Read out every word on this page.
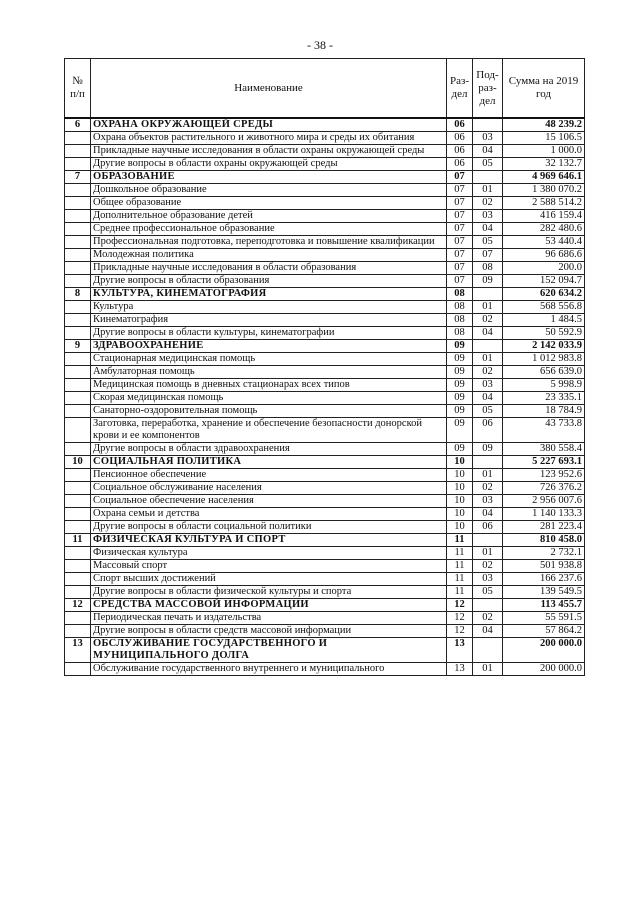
- 38 -
№ п/п	Наименование	Раз-дел	Под-раз-дел	Сумма на 2019 год
6	ОХРАНА ОКРУЖАЮЩЕЙ СРЕДЫ	06		48 239.2
	Охрана объектов растительного и животного мира и среды их обитания	06	03	15 106.5
	Прикладные научные исследования в области охраны окружающей среды	06	04	1 000.0
	Другие вопросы в области охраны окружающей среды	06	05	32 132.7
7	ОБРАЗОВАНИЕ	07		4 969 646.1
	Дошкольное образование	07	01	1 380 070.2
	Общее образование	07	02	2 588 514.2
	Дополнительное образование детей	07	03	416 159.4
	Среднее профессиональное образование	07	04	282 480.6
	Профессиональная подготовка, переподготовка и повышение квалификации	07	05	53 440.4
	Молодежная политика	07	07	96 686.6
	Прикладные научные исследования в области образования	07	08	200.0
	Другие вопросы в области образования	07	09	152 094.7
8	КУЛЬТУРА, КИНЕМАТОГРАФИЯ	08		620 634.2
	Культура	08	01	568 556.8
	Кинематография	08	02	1 484.5
	Другие вопросы в области культуры, кинематографии	08	04	50 592.9
9	ЗДРАВООХРАНЕНИЕ	09		2 142 033.9
	Стационарная медицинская помощь	09	01	1 012 983.8
	Амбулаторная помощь	09	02	656 639.0
	Медицинская помощь в дневных стационарах всех типов	09	03	5 998.9
	Скорая медицинская помощь	09	04	23 335.1
	Санаторно-оздоровительная помощь	09	05	18 784.9
	Заготовка, переработка, хранение и обеспечение безопасности донорской крови и ее компонентов	09	06	43 733.8
	Другие вопросы в области здравоохранения	09	09	380 558.4
10	СОЦИАЛЬНАЯ ПОЛИТИКА	10		5 227 693.1
	Пенсионное обеспечение	10	01	123 952.6
	Социальное обслуживание населения	10	02	726 376.2
	Социальное обеспечение населения	10	03	2 956 007.6
	Охрана семьи и детства	10	04	1 140 133.3
	Другие вопросы в области социальной политики	10	06	281 223.4
11	ФИЗИЧЕСКАЯ КУЛЬТУРА И СПОРТ	11		810 458.0
	Физическая культура	11	01	2 732.1
	Массовый спорт	11	02	501 938.8
	Спорт высших достижений	11	03	166 237.6
	Другие вопросы в области физической культуры и спорта	11	05	139 549.5
12	СРЕДСТВА МАССОВОЙ ИНФОРМАЦИИ	12		113 455.7
	Периодическая печать и издательства	12	02	55 591.5
	Другие вопросы в области средств массовой информации	12	04	57 864.2
13	ОБСЛУЖИВАНИЕ ГОСУДАРСТВЕННОГО И МУНИЦИПАЛЬНОГО ДОЛГА	13		200 000.0
	Обслуживание государственного внутреннего и муниципального	13	01	200 000.0
